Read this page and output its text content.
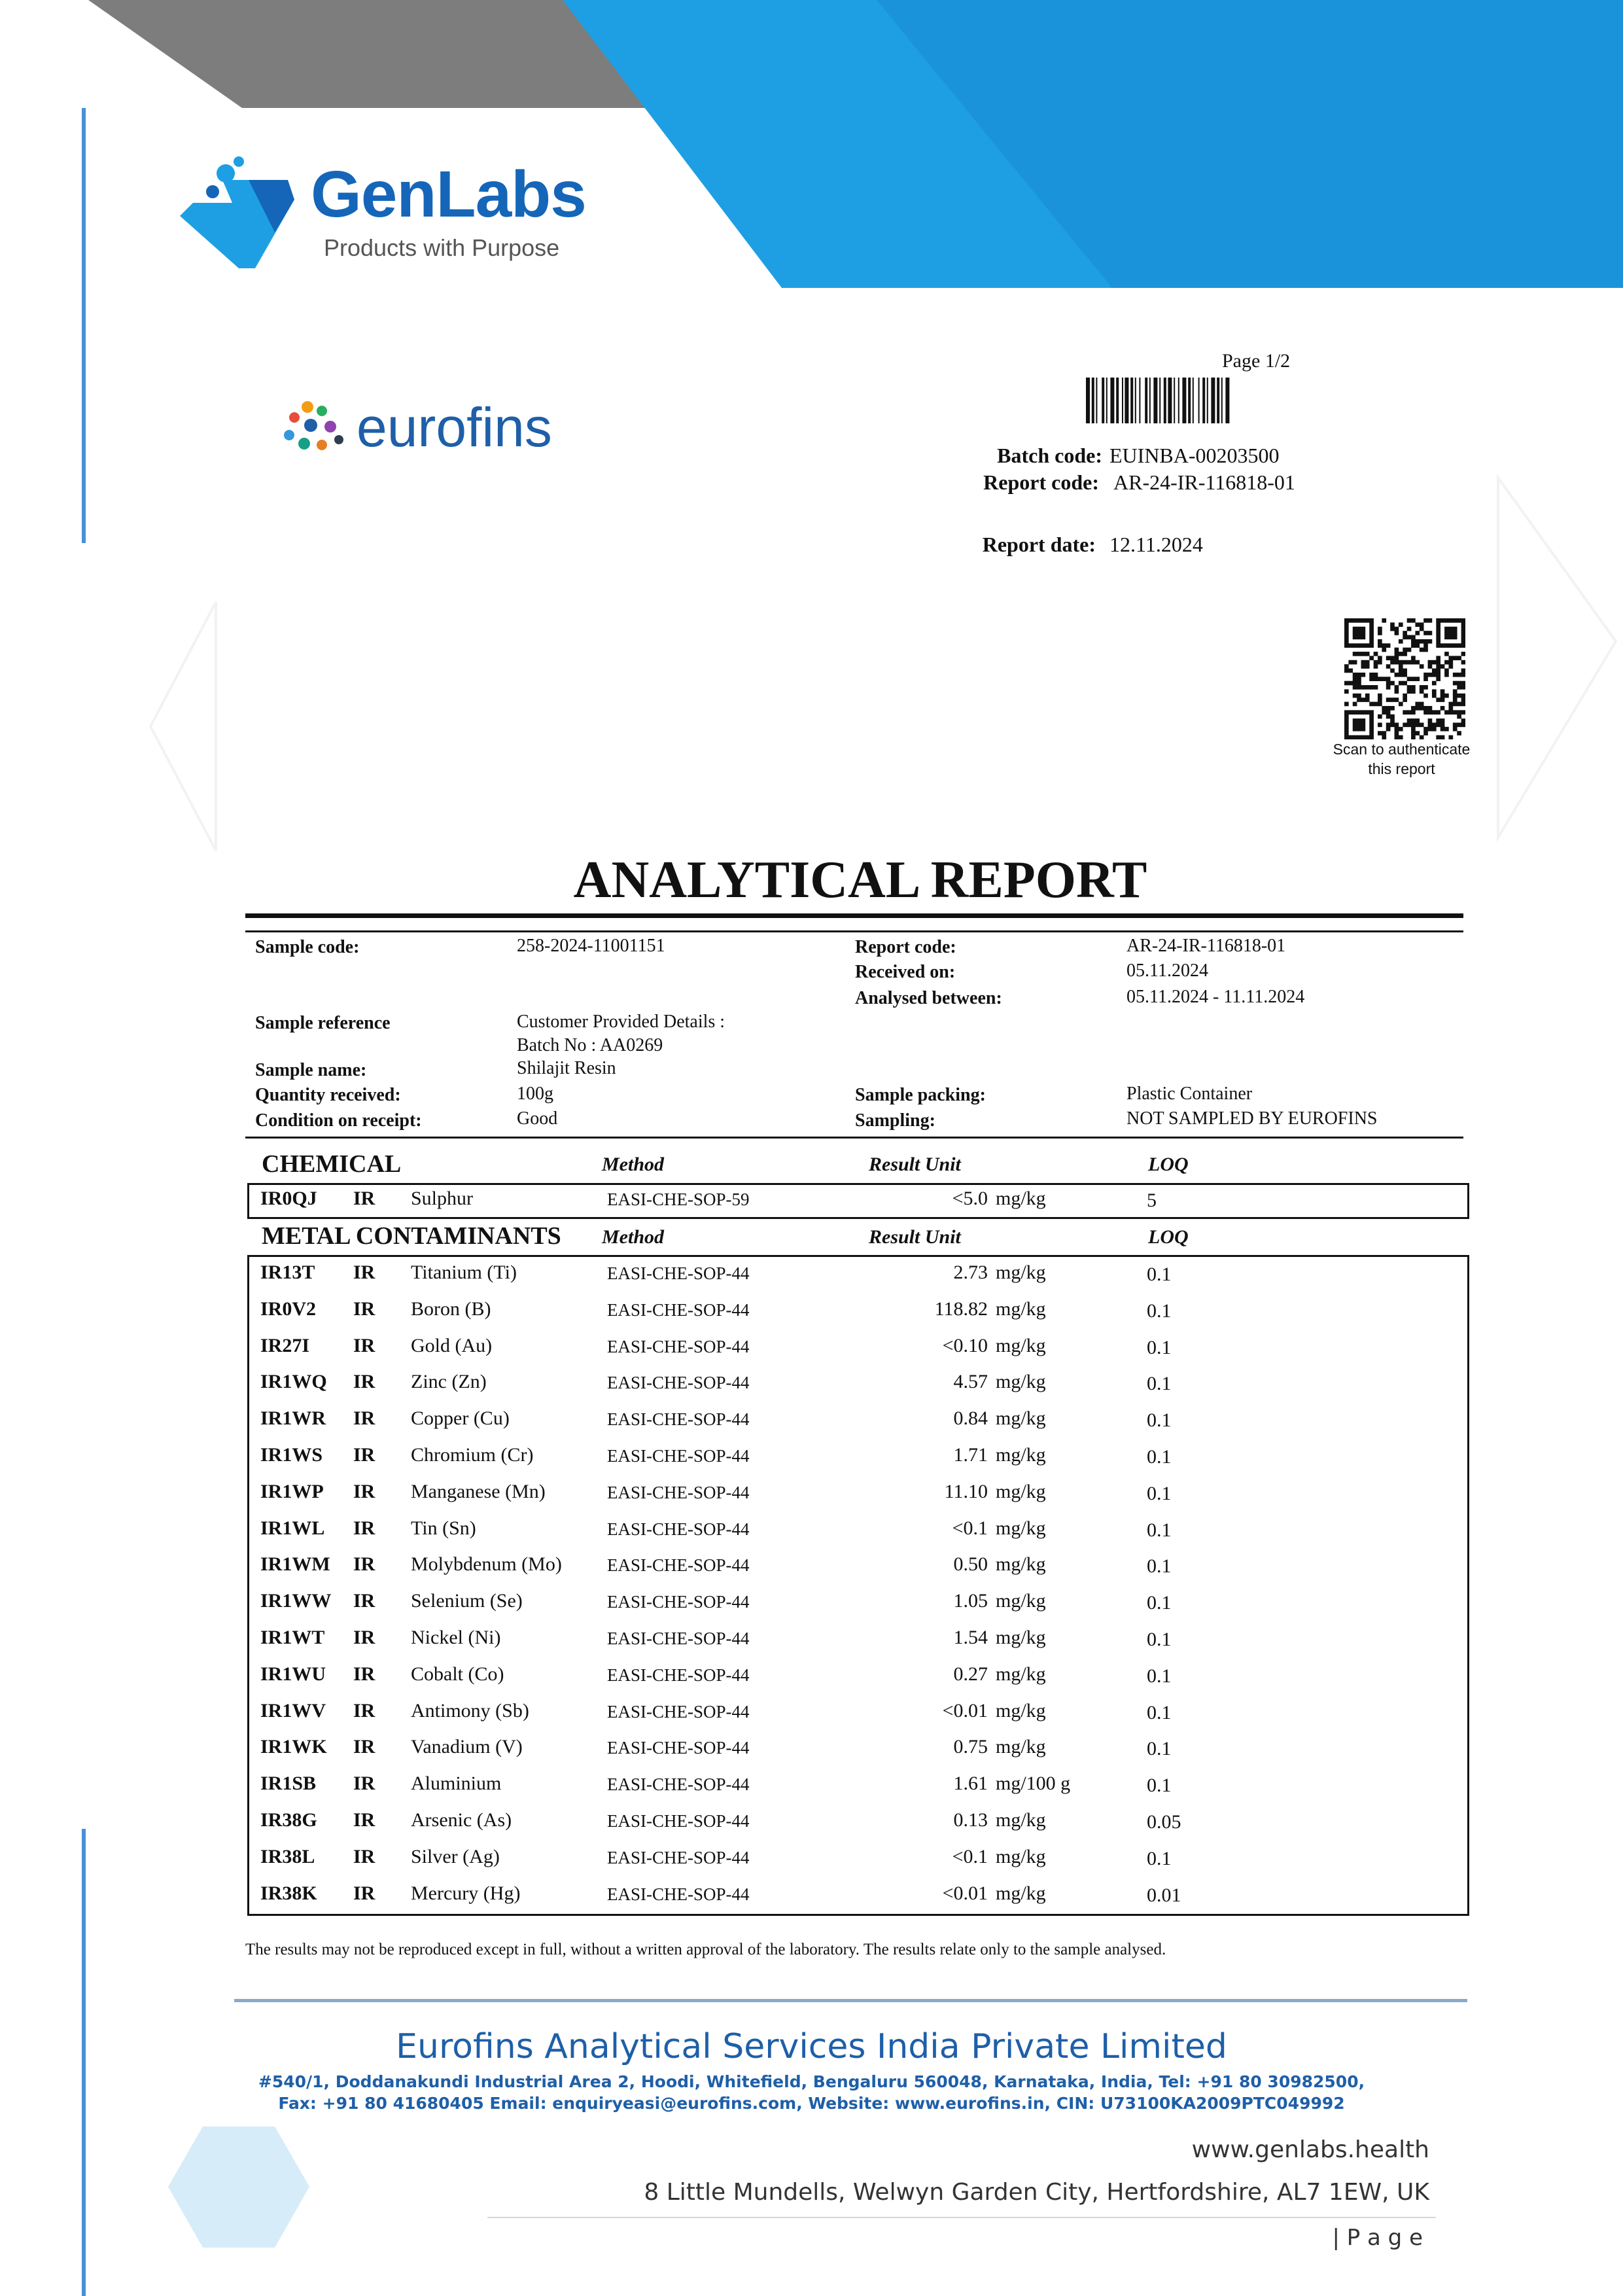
GenLabs
Products with Purpose
eurofins
Page 1/2
Batch code: EUINBA-00203500
Report code: AR-24-IR-116818-01
Report date: 12.11.2024
Scan to authenticate
this report
ANALYTICAL REPORT
Sample code:	258-2024-11001151	Report code:	AR-24-IR-116818-01
Received on:	05.11.2024
Analysed between:	05.11.2024 - 11.11.2024
Sample reference	Customer Provided Details :
Batch No : AA0269
Sample name:	Shilajit Resin
Quantity received:	100g	Sample packing:	Plastic Container
Condition on receipt:	Good	Sampling:	NOT SAMPLED BY EUROFINS
CHEMICAL	Method	Result Unit	LOQ
IR0QJ IR Sulphur	EASI-CHE-SOP-59	<5.0 mg/kg	5
METAL CONTAMINANTS Method	Result Unit	LOQ
IR13T IR Titanium (Ti)	EASI-CHE-SOP-44	2.73 mg/kg	0.1
IR0V2 IR Boron (B)	EASI-CHE-SOP-44	118.82 mg/kg	0.1
IR27I IR Gold (Au)	EASI-CHE-SOP-44	<0.10 mg/kg	0.1
IR1WQ IR Zinc (Zn)	EASI-CHE-SOP-44	4.57 mg/kg	0.1
IR1WR IR Copper (Cu)	EASI-CHE-SOP-44	0.84 mg/kg	0.1
IR1WS IR Chromium (Cr)	EASI-CHE-SOP-44	1.71 mg/kg	0.1
IR1WP IR Manganese (Mn)	EASI-CHE-SOP-44	11.10 mg/kg	0.1
IR1WL IR Tin (Sn)	EASI-CHE-SOP-44	<0.1 mg/kg	0.1
IR1WM IR Molybdenum (Mo)	EASI-CHE-SOP-44	0.50 mg/kg	0.1
IR1WW IR Selenium (Se)	EASI-CHE-SOP-44	1.05 mg/kg	0.1
IR1WT IR Nickel (Ni)	EASI-CHE-SOP-44	1.54 mg/kg	0.1
IR1WU IR Cobalt (Co)	EASI-CHE-SOP-44	0.27 mg/kg	0.1
IR1WV IR Antimony (Sb)	EASI-CHE-SOP-44	<0.01 mg/kg	0.1
IR1WK IR Vanadium (V)	EASI-CHE-SOP-44	0.75 mg/kg	0.1
IR1SB IR Aluminium	EASI-CHE-SOP-44	1.61 mg/100 g	0.1
IR38G IR Arsenic (As)	EASI-CHE-SOP-44	0.13 mg/kg	0.05
IR38L IR Silver (Ag)	EASI-CHE-SOP-44	<0.1 mg/kg	0.1
IR38K IR Mercury (Hg)	EASI-CHE-SOP-44	<0.01 mg/kg	0.01
The results may not be reproduced except in full, without a written approval of the laboratory. The results relate only to the sample analysed.
Eurofins Analytical Services India Private Limited
#540/1, Doddanakundi Industrial Area 2, Hoodi, Whitefield, Bengaluru 560048, Karnataka, India, Tel: +91 80 30982500,
Fax: +91 80 41680405 Email: enquiryeasi@eurofins.com, Website: www.eurofins.in, CIN: U73100KA2009PTC049992
www.genlabs.health
8 Little Mundells, Welwyn Garden City, Hertfordshire, AL7 1EW, UK
| P a g e
